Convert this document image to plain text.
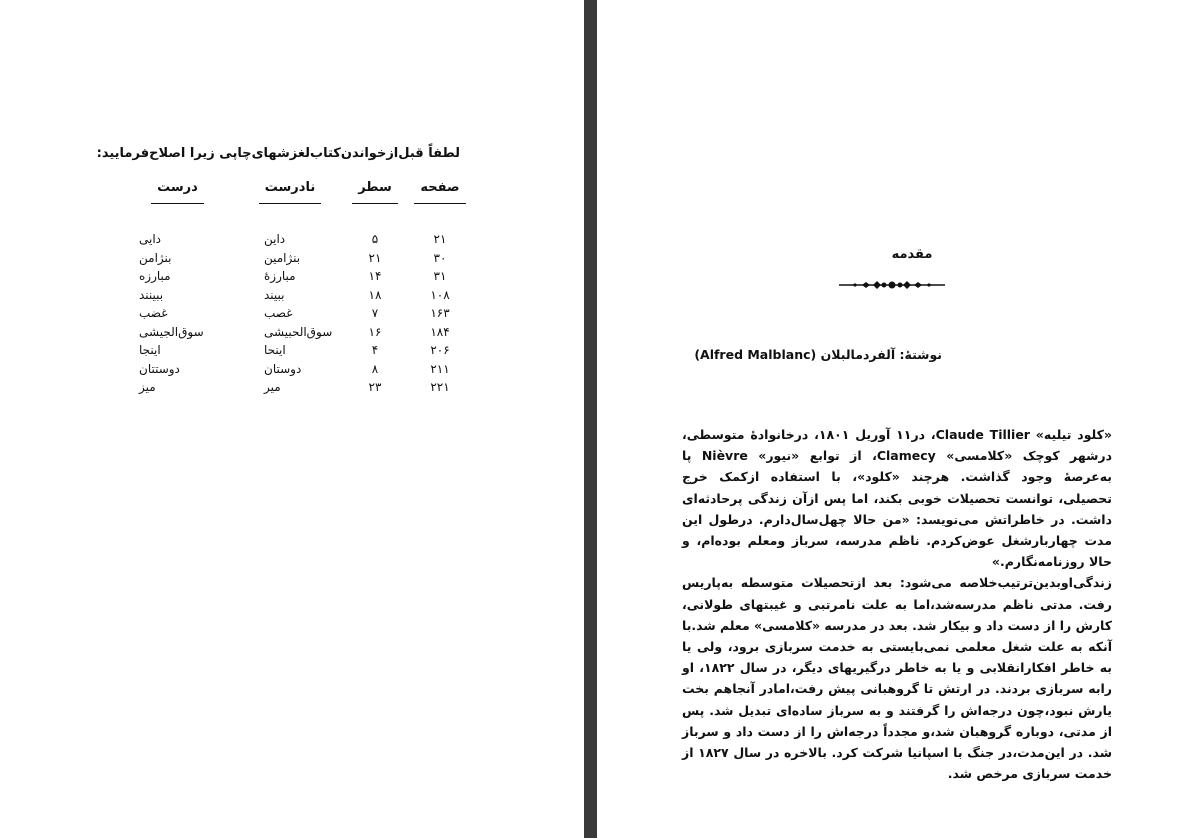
لطفاً قبل‌ازخواندن‌کتاب‌لغزشهای‌چاپی زیرا اصلاح‌فرمایید:
صفحه	سطر	نادرست	درست

۲۱	۵	داین	دایی
۳۰	۲۱	بنژامین	بنژامن
۳۱	۱۴	مبارزهٔ	مبارزه
۱۰۸	۱۸	ببیند	ببینند
۱۶۳	۷	غصب	غضب
۱۸۴	۱۶	سوق‌الحبیشی	سوق‌الجیشی
۲۰۶	۴	اینحا	اینجا
۲۱۱	۸	دوستان	دوستتان
۲۲۱	۲۳	میر	میز
مقدمه
نوشتهٔ: آلفردمالبلان (Alfred Malblanc)

«کلود تیلیه» Claude Tillier، در۱۱ آوریل ۱۸۰۱، درخانوادهٔ متوسطی، درشهر کوچک «کلامسی» Clamecy، از توابع «نیور» Nièvre پا به‌عرصهٔ وجود گذاشت. هرچند «کلود»، با استفاده ازکمک خرج تحصیلی، توانست تحصیلات خوبی بکند، اما پس ازآن زندگی پرحادثه‌ای داشت. در خاطراتش می‌نویسد: «من حالا چهل‌سال‌دارم. درطول این مدت چهاربارشغل عوض‌کردم. ناظم مدرسه، سرباز ومعلم بوده‌ام، و حالا روزنامه‌نگارم.»

زندگی‌اوبدین‌ترتیب‌خلاصه می‌شود: بعد ازتحصیلات متوسطه به‌پاریس رفت. مدتی ناظم مدرسه‌شد،اما به علت نامرتبی و غیبتهای طولانی، کارش را از دست داد و بیکار شد. بعد در مدرسه «کلامسی» معلم شد.با آنکه به علت شغل معلمی نمی‌بایستی به خدمت سربازی برود، ولی یا به خاطر افکارانقلابی و یا به خاطر درگیریهای دیگر، در سال ۱۸۲۲، او رابه سربازی بردند. در ارتش تا گروهبانی پیش رفت،امادر آنجاهم بخت یارش نبود،چون درجه‌اش را گرفتند و به سرباز ساده‌ای تبدیل شد. پس از مدتی، دوباره گروهبان شد،و مجدداً درجه‌اش را از دست داد و سرباز شد. در این‌مدت،در جنگ با اسپانیا شرکت کرد. بالاخره در سال ۱۸۲۷ از خدمت سربازی مرخص شد.
